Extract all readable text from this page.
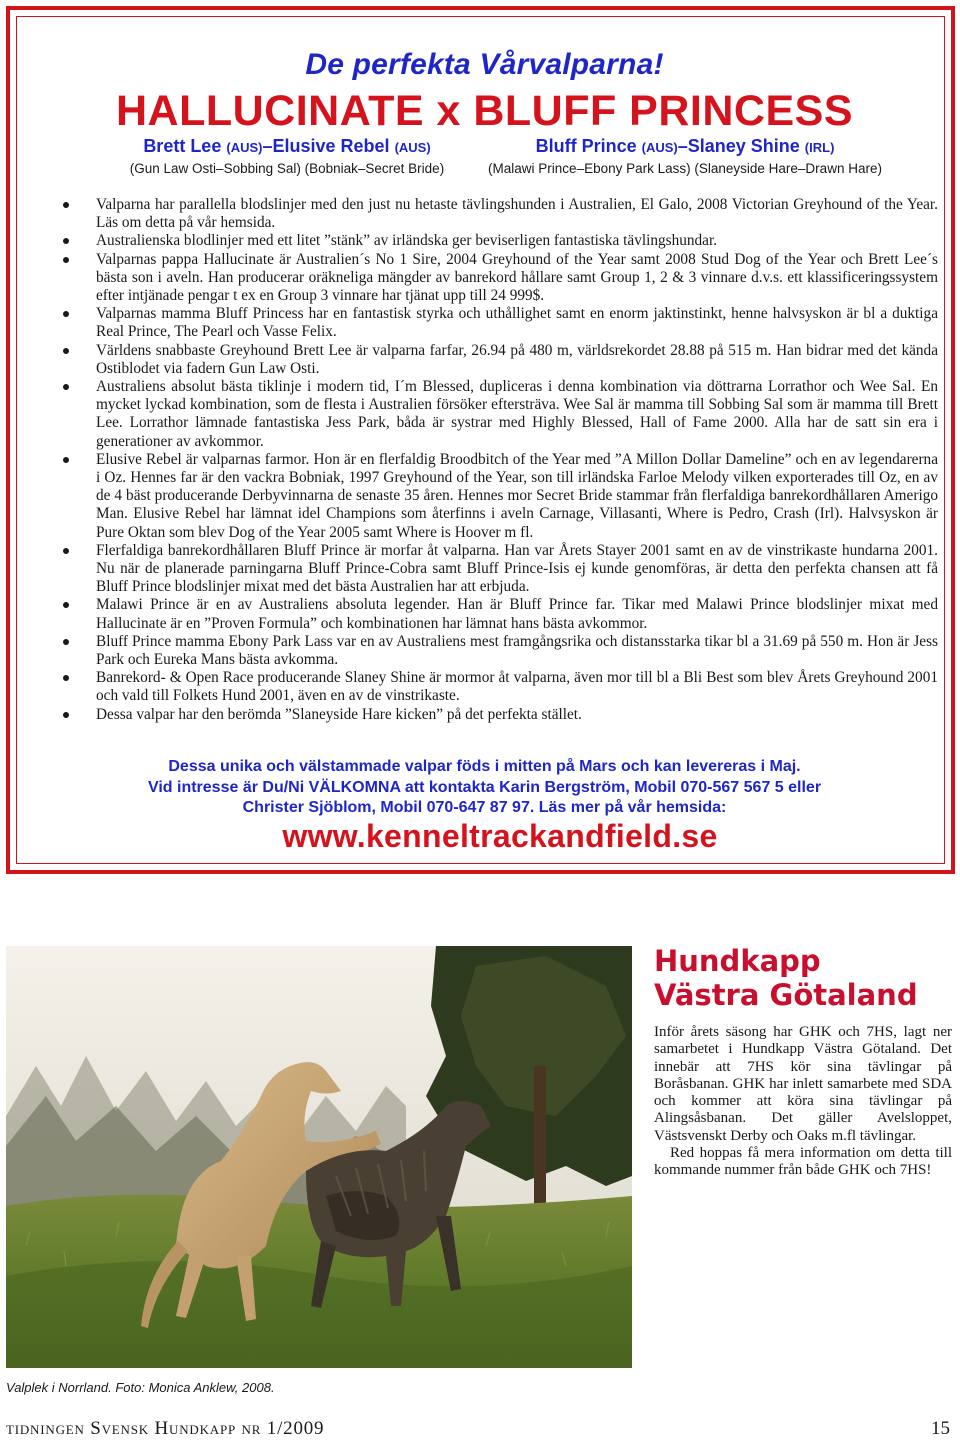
De perfekta Vårvalparna!
HALLUCINATE x BLUFF PRINCESS
Brett Lee (AUS)–Elusive Rebel (AUS)
(Gun Law Osti–Sobbing Sal) (Bobniak–Secret Bride)
Bluff Prince (AUS)–Slaney Shine (IRL)
(Malawi Prince–Ebony Park Lass) (Slaneyside Hare–Drawn Hare)
Valparna har parallella blodslinjer med den just nu hetaste tävlingshunden i Australien, El Galo, 2008 Victorian Greyhound of the Year. Läs om detta på vår hemsida.
Australienska blodlinjer med ett litet ”stänk” av irländska ger beviserligen fantastiska tävlingshundar.
Valparnas pappa Hallucinate är Australien´s No 1 Sire, 2004 Greyhound of the Year samt 2008 Stud Dog of the Year och Brett Lee´s bästa son i aveln. Han producerar oräkneliga mängder av banrekord hållare samt Group 1, 2 & 3 vinnare d.v.s. ett klassificeringssystem efter intjänade pengar t ex en Group 3 vinnare har tjänat upp till 24 999$.
Valparnas mamma Bluff Princess har en fantastisk styrka och uthållighet samt en enorm jaktinstinkt, henne halvsyskon är bl a duktiga Real Prince, The Pearl och Vasse Felix.
Världens snabbaste Greyhound Brett Lee är valparna farfar, 26.94 på 480 m, världsrekordet 28.88 på 515 m. Han bidrar med det kända Ostiblodet via fadern Gun Law Osti.
Australiens absolut bästa tiklinje i modern tid, I´m Blessed, dupliceras i denna kombination via döttrarna Lorrathor och Wee Sal. En mycket lyckad kombination, som de flesta i Australien försöker eftersträva. Wee Sal är mamma till Sobbing Sal som är mamma till Brett Lee. Lorrathor lämnade fantastiska Jess Park, båda är systrar med Highly Blessed, Hall of Fame 2000. Alla har de satt sin era i generationer av avkommor.
Elusive Rebel är valparnas farmor. Hon är en flerfaldig Broodbitch of the Year med ”A Millon Dollar Dameline” och en av legendarerna i Oz. Hennes far är den vackra Bobniak, 1997 Greyhound of the Year, son till irländska Farloe Melody vilken exporterades till Oz, en av de 4 bäst producerande Derbyvinnarna de senaste 35 åren. Hennes mor Secret Bride stammar från flerfaldiga banrekordhållaren Amerigo Man. Elusive Rebel har lämnat idel Champions som återfinns i aveln Carnage, Villasanti, Where is Pedro, Crash (Irl). Halvsyskon är Pure Oktan som blev Dog of the Year 2005 samt Where is Hoover m fl.
Flerfaldiga banrekordhållaren Bluff Prince är morfar åt valparna. Han var Årets Stayer 2001 samt en av de vinstrikaste hundarna 2001. Nu när de planerade parningarna Bluff Prince-Cobra samt Bluff Prince-Isis ej kunde genomföras, är detta den perfekta chansen att få Bluff Prince blodslinjer mixat med det bästa Australien har att erbjuda.
Malawi Prince är en av Australiens absoluta legender. Han är Bluff Prince far. Tikar med Malawi Prince blodslinjer mixat med Hallucinate är en ”Proven Formula” och kombinationen har lämnat hans bästa avkommor.
Bluff Prince mamma Ebony Park Lass var en av Australiens mest framgångsrika och distansstarka tikar bl a 31.69 på 550 m. Hon är Jess Park och Eureka Mans bästa avkomma.
Banrekord- & Open Race producerande Slaney Shine är mormor åt valparna, även mor till bl a Bli Best som blev Årets Greyhound 2001 och vald till Folkets Hund 2001, även en av de vinstrikaste.
Dessa valpar har den berömda ”Slaneyside Hare kicken” på det perfekta stället.
Dessa unika och välstammade valpar föds i mitten på Mars och kan levereras i Maj.
Vid intresse är Du/Ni VÄLKOMNA att kontakta Karin Bergström, Mobil 070-567 567 5 eller
Christer Sjöblom, Mobil 070-647 87 97. Läs mer på vår hemsida:
www.kenneltrackandfield.se
Valplek i Norrland. Foto: Monica Anklew, 2008.
Hundkapp
Västra Götaland

Inför årets säsong har GHK och 7HS, lagt ner samarbetet i Hundkapp Västra Götaland. Det innebär att 7HS kör sina tävlingar på Boråsbanan. GHK har inlett samarbete med SDA och kommer att köra sina tävlingar på Alingsåsbanan. Det gäller Avelsloppet, Västsvenskt Derby och Oaks m.fl tävlingar.

Red hoppas få mera information om detta till kommande nummer från både GHK och 7HS!

tidningen Svensk Hundkapp nr 1/2009	15
